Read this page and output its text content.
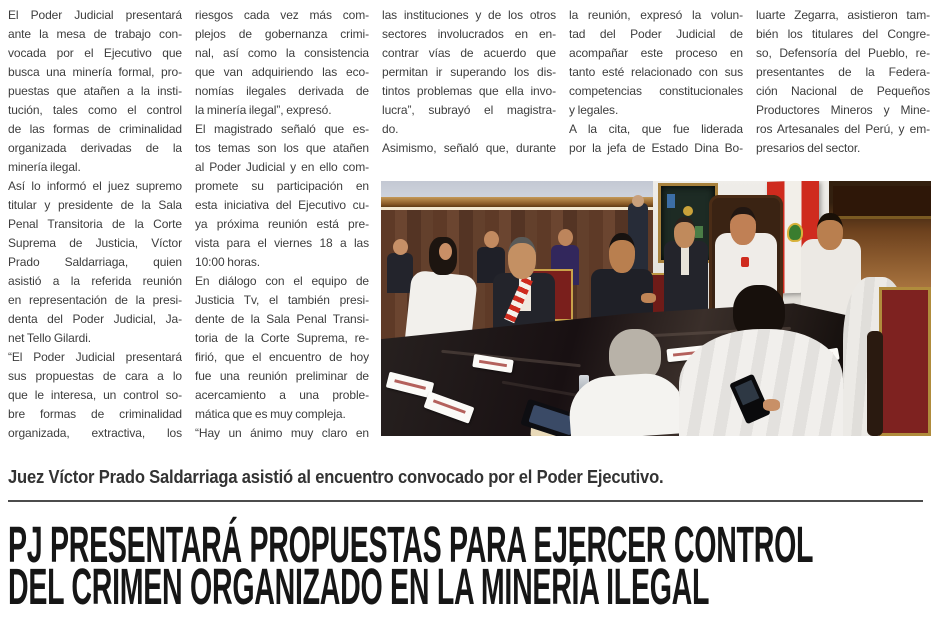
El Poder Judicial presentará
ante la mesa de trabajo con-
vocada por el Ejecutivo que
busca una minería formal, pro-
puestas que atañen a la insti-
tución, tales como el control
de las formas de criminalidad
organizada derivadas de la
minería ilegal.
Así lo informó el juez supremo
titular y presidente de la Sala
Penal Transitoria de la Corte
Suprema de Justicia, Víctor
Prado Saldarriaga, quien
asistió a la referida reunión
en representación de la presi-
denta del Poder Judicial, Ja-
net Tello Gilardi.
“El Poder Judicial presentará
sus propuestas de cara a lo
que le interesa, un control so-
bre formas de criminalidad
organizada, extractiva, los
riesgos cada vez más com-
plejos de gobernanza crimi-
nal, así como la consistencia
que van adquiriendo las eco-
nomías ilegales derivada de
la minería ilegal”, expresó.
El magistrado señaló que es-
tos temas son los que atañen
al Poder Judicial y en ello com-
promete su participación en
esta iniciativa del Ejecutivo cu-
ya próxima reunión está pre-
vista para el viernes 18 a las
10:00 horas.
En diálogo con el equipo de
Justicia Tv, el también presi-
dente de la Sala Penal Transi-
toria de la Corte Suprema, re-
firió, que el encuentro de hoy
fue una reunión preliminar de
acercamiento a una proble-
mática que es muy compleja.
“Hay un ánimo muy claro en
las instituciones y de los otros
sectores involucrados en en-
contrar vías de acuerdo que
permitan ir superando los dis-
tintos problemas que ella invo-
lucra”, subrayó el magistra-
do.
Asimismo, señaló que, durante
la reunión, expresó la volun-
tad del Poder Judicial de
acompañar este proceso en
tanto esté relacionado con sus
competencias constitucionales
y legales.
A la cita, que fue liderada
por la jefa de Estado Dina Bo-
luarte Zegarra, asistieron tam-
bién los titulares del Congre-
so, Defensoría del Pueblo, re-
presentantes de la Federa-
ción Nacional de Pequeños
Productores Mineros y Mine-
ros Artesanales del Perú, y em-
presarios del sector.
Juez Víctor Prado Saldarriaga asistió al encuentro convocado por el Poder Ejecutivo.
PJ PRESENTARÁ PROPUESTAS PARA EJERCER CONTROL
DEL CRIMEN ORGANIZADO EN LA MINERÍA ILEGAL
